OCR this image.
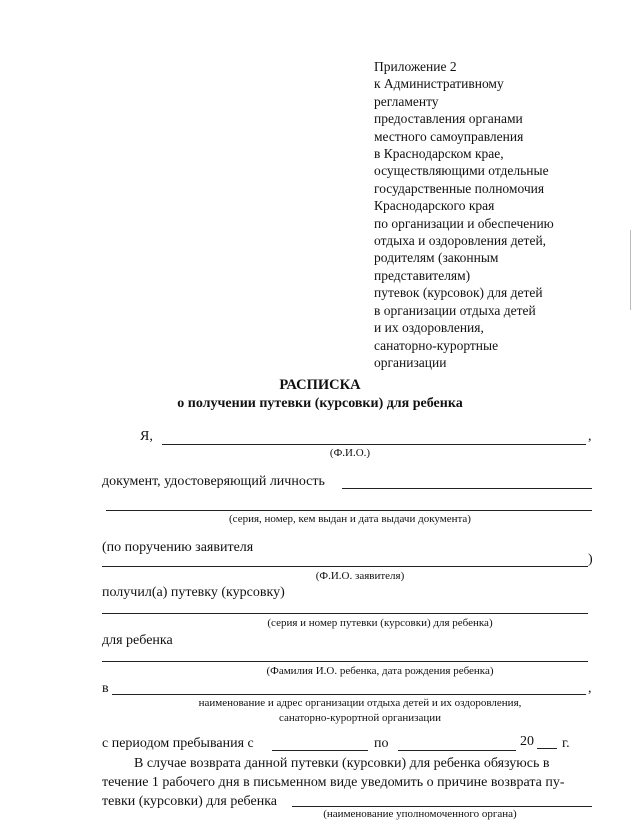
Приложение 2
к Административному
регламенту
предоставления органами
местного самоуправления
в Краснодарском крае,
осуществляющими отдельные
государственные полномочия
Краснодарского края
по организации и обеспечению
отдыха и оздоровления детей,
родителям (законным
представителям)
путевок (курсовок) для детей
в организации отдыха детей
и их оздоровления,
санаторно-курортные
организации
РАСПИСКА
о получении путевки (курсовки) для ребенка
Я,	,
(Ф.И.О.)
документ, удостоверяющий личность
(серия, номер, кем выдан и дата выдачи документа)
(по поручению заявителя
)
(Ф.И.О. заявителя)
получил(а) путевку (курсовку)
(серия и номер путевки (курсовки) для ребенка)
для ребенка
(Фамилия И.О. ребенка, дата рождения ребенка)
в	,
наименование и адрес организации отдыха детей и их оздоровления,
санаторно-курортной организации
с периодом пребывания с	по	20 г.
В случае возврата данной путевки (курсовки) для ребенка обязуюсь в
течение 1 рабочего дня в письменном виде уведомить о причине возврата пу-
тевки (курсовки) для ребенка
(наименование уполномоченного органа)
